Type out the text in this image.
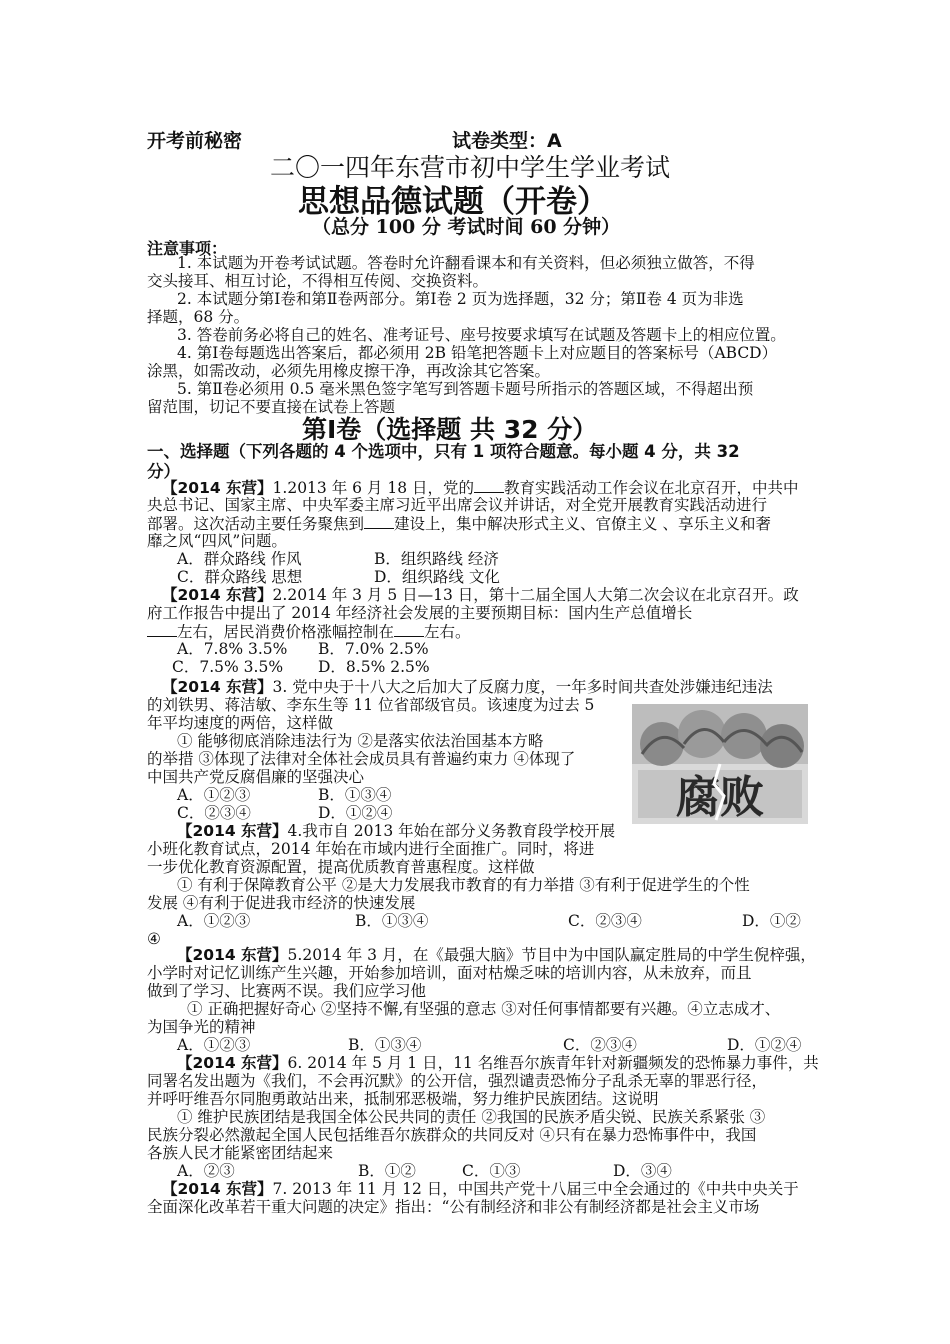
开考前秘密	试卷类型：A
二〇一四年东营市初中学生学业考试
思想品德试题（开卷）
（总分 100 分 考试时间 60 分钟）
注意事项：
1. 本试题为开卷考试试题。答卷时允许翻看课本和有关资料，但必须独立做答，不得
交头接耳、相互讨论，不得相互传阅、交换资料。
2. 本试题分第Ⅰ卷和第Ⅱ卷两部分。第Ⅰ卷 2 页为选择题，32 分；第Ⅱ卷 4 页为非选
择题，68 分。
3. 答卷前务必将自己的姓名、准考证号、座号按要求填写在试题及答题卡上的相应位置。
4. 第Ⅰ卷每题选出答案后，都必须用 2B 铅笔把答题卡上对应题目的答案标号（ABCD）
涂黑，如需改动，必须先用橡皮擦干净，再改涂其它答案。
5. 第Ⅱ卷必须用 0.5 毫米黑色签字笔写到答题卡题号所指示的答题区域，不得超出预
留范围，切记不要直接在试卷上答题
第Ⅰ卷（选择题 共 32 分）
一、选择题（下列各题的 4 个选项中，只有 1 项符合题意。每小题 4 分，共 32
分）
【2014 东营】1.2013 年 6 月 18 日，党的 教育实践活动工作会议在北京召开，中共中
央总书记、国家主席、中央军委主席习近平出席会议并讲话，对全党开展教育实践活动进行
部署。这次活动主要任务聚焦到 建设上，集中解决形式主义、官僚主义 、享乐主义和奢
靡之风“四风”问题。
A．群众路线 作风	B．组织路线 经济
C．群众路线 思想	D．组织路线 文化
【2014 东营】2.2014 年 3 月 5 日—13 日，第十二届全国人大第二次会议在北京召开。政
府工作报告中提出了 2014 年经济社会发展的主要预期目标：国内生产总值增长
左右，居民消费价格涨幅控制在 左右。
A．7.8% 3.5% B．7.0% 2.5%
C．7.5% 3.5% D．8.5% 2.5%
【2014 东营】3. 党中央于十八大之后加大了反腐力度，一年多时间共查处涉嫌违纪违法
的刘铁男、蒋洁敏、李东生等 11 位省部级官员。该速度为过去 5
年平均速度的两倍，这样做
① 能够彻底消除违法行为 ②是落实依法治国基本方略
的举措 ③体现了法律对全体社会成员具有普遍约束力 ④体现了
中国共产党反腐倡廉的坚强决心
A．①②③	B．①③④
C．②③④	D．①②④	腐败
【2014 东营】4.我市自 2013 年始在部分义务教育段学校开展
小班化教育试点，2014 年始在市域内进行全面推广。同时，将进
一步优化教育资源配置，提高优质教育普惠程度。这样做
① 有利于保障教育公平 ②是大力发展我市教育的有力举措 ③有利于促进学生的个性
发展 ④有利于促进我市经济的快速发展
A．①②③	B．①③④	C．②③④	D．①②
④
【2014 东营】5.2014 年 3 月，在《最强大脑》节目中为中国队赢定胜局的中学生倪梓强，
小学时对记忆训练产生兴趣，开始参加培训，面对枯燥乏味的培训内容，从未放弃，而且
做到了学习、比赛两不误。我们应学习他
① 正确把握好奇心 ②坚持不懈,有坚强的意志 ③对任何事情都要有兴趣。④立志成才、
为国争光的精神
A．①②③	B．①③④	C．②③④	D．①②④
【2014 东营】6. 2014 年 5 月 1 日，11 名维吾尔族青年针对新疆频发的恐怖暴力事件，共
同署名发出题为《我们，不会再沉默》的公开信，强烈谴责恐怖分子乱杀无辜的罪恶行径，
并呼吁维吾尔同胞勇敢站出来，抵制邪恶极端，努力维护民族团结。这说明
① 维护民族团结是我国全体公民共同的责任 ②我国的民族矛盾尖锐、民族关系紧张 ③
民族分裂必然激起全国人民包括维吾尔族群众的共同反对 ④只有在暴力恐怖事件中，我国
各族人民才能紧密团结起来
A．②③	B．①②	C．①③	D．③④
【2014 东营】7. 2013 年 11 月 12 日，中国共产党十八届三中全会通过的《中共中央关于
全面深化改革若干重大问题的决定》指出：“公有制经济和非公有制经济都是社会主义市场
